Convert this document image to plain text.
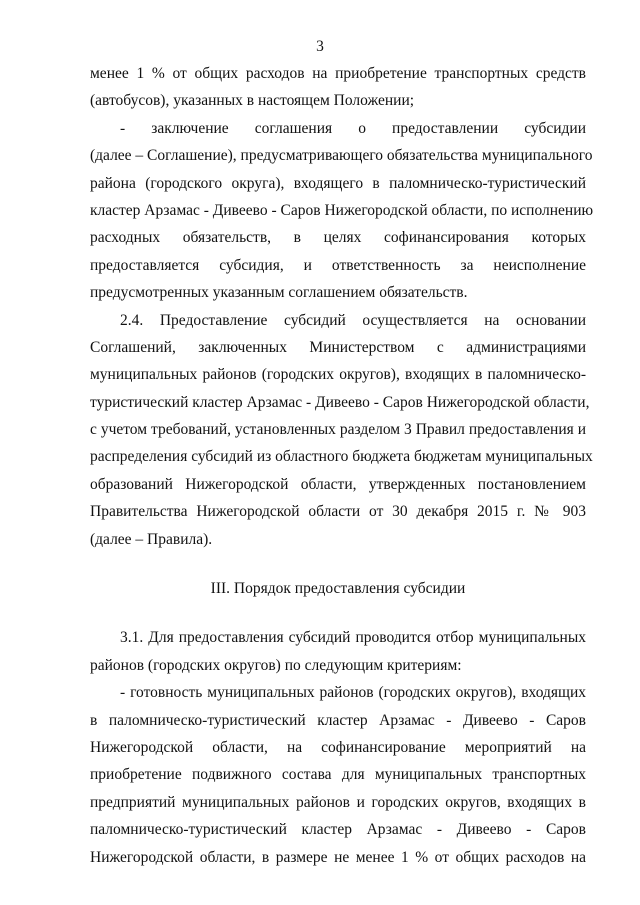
3
менее 1 % от общих расходов на приобретение транспортных средств
(автобусов), указанных в настоящем Положении;
- заключение соглашения о предоставлении субсидии
(далее – Соглашение), предусматривающего обязательства муниципального
района (городского округа), входящего в паломническо-туристический
кластер Арзамас - Дивеево - Саров Нижегородской области, по исполнению
расходных обязательств, в целях софинансирования которых
предоставляется субсидия, и ответственность за неисполнение
предусмотренных указанным соглашением обязательств.
2.4. Предоставление субсидий осуществляется на основании
Соглашений, заключенных Министерством с администрациями
муниципальных районов (городских округов), входящих в паломническо-
туристический кластер Арзамас - Дивеево - Саров Нижегородской области,
с учетом требований, установленных разделом 3 Правил предоставления и
распределения субсидий из областного бюджета бюджетам муниципальных
образований Нижегородской области, утвержденных постановлением
Правительства Нижегородской области от 30 декабря 2015 г. № 903
(далее – Правила).
III. Порядок предоставления субсидии
3.1. Для предоставления субсидий проводится отбор муниципальных
районов (городских округов) по следующим критериям:
- готовность муниципальных районов (городских округов), входящих
в паломническо-туристический кластер Арзамас - Дивеево - Саров
Нижегородской области, на софинансирование мероприятий на
приобретение подвижного состава для муниципальных транспортных
предприятий муниципальных районов и городских округов, входящих в
паломническо-туристический кластер Арзамас - Дивеево - Саров
Нижегородской области, в размере не менее 1 % от общих расходов на
